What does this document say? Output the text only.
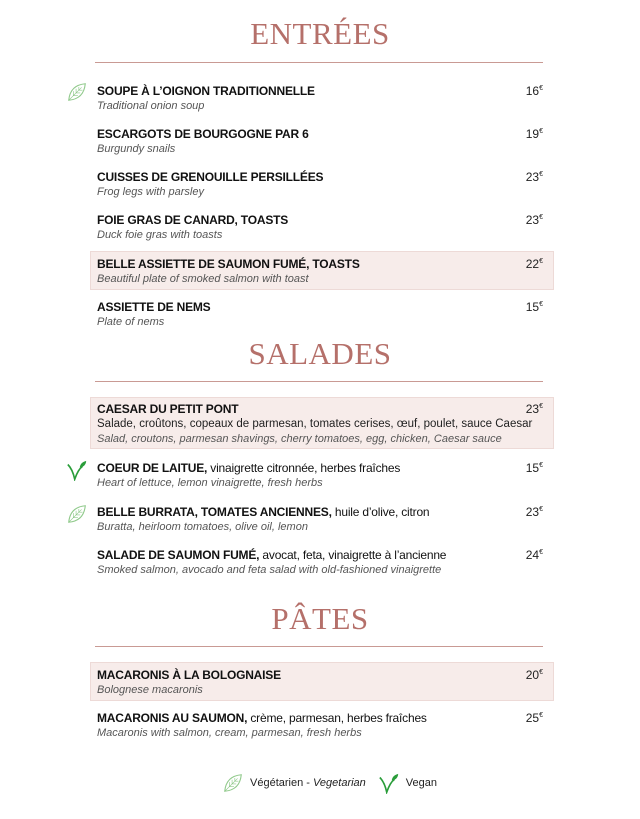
ENTRÉES
SOUPE À L’OIGNON TRADITIONNELLE
Traditional onion soup
16€
ESCARGOTS DE BOURGOGNE PAR 6
Burgundy snails
19€
CUISSES DE GRENOUILLE PERSILLÉES
Frog legs with parsley
23€
FOIE GRAS DE CANARD, TOASTS
Duck foie gras with toasts
23€
BELLE ASSIETTE DE SAUMON FUMÉ, TOASTS
Beautiful plate of smoked salmon with toast
22€
ASSIETTE DE NEMS
Plate of nems
15€
SALADES
CAESAR DU PETIT PONT
Salade, croûtons, copeaux de parmesan, tomates cerises, œuf, poulet, sauce Caesar
Salad, croutons, parmesan shavings, cherry tomatoes, egg, chicken, Caesar sauce
23€
COEUR DE LAITUE, vinaigrette citronnée, herbes fraîches
Heart of lettuce, lemon vinaigrette, fresh herbs
15€
BELLE BURRATA, TOMATES ANCIENNES, huile d’olive, citron
Buratta, heirloom tomatoes, olive oil, lemon
23€
SALADE DE SAUMON FUMÉ, avocat, feta, vinaigrette à l’ancienne
Smoked salmon, avocado and feta salad with old-fashioned vinaigrette
24€
PÂTES
MACARONIS À LA BOLOGNAISE
Bolognese macaronis
20€
MACARONIS AU SAUMON, crème, parmesan, herbes fraîches
Macaronis with salmon, cream, parmesan, fresh herbs
25€
Végétarien - Vegetarian	Vegan
